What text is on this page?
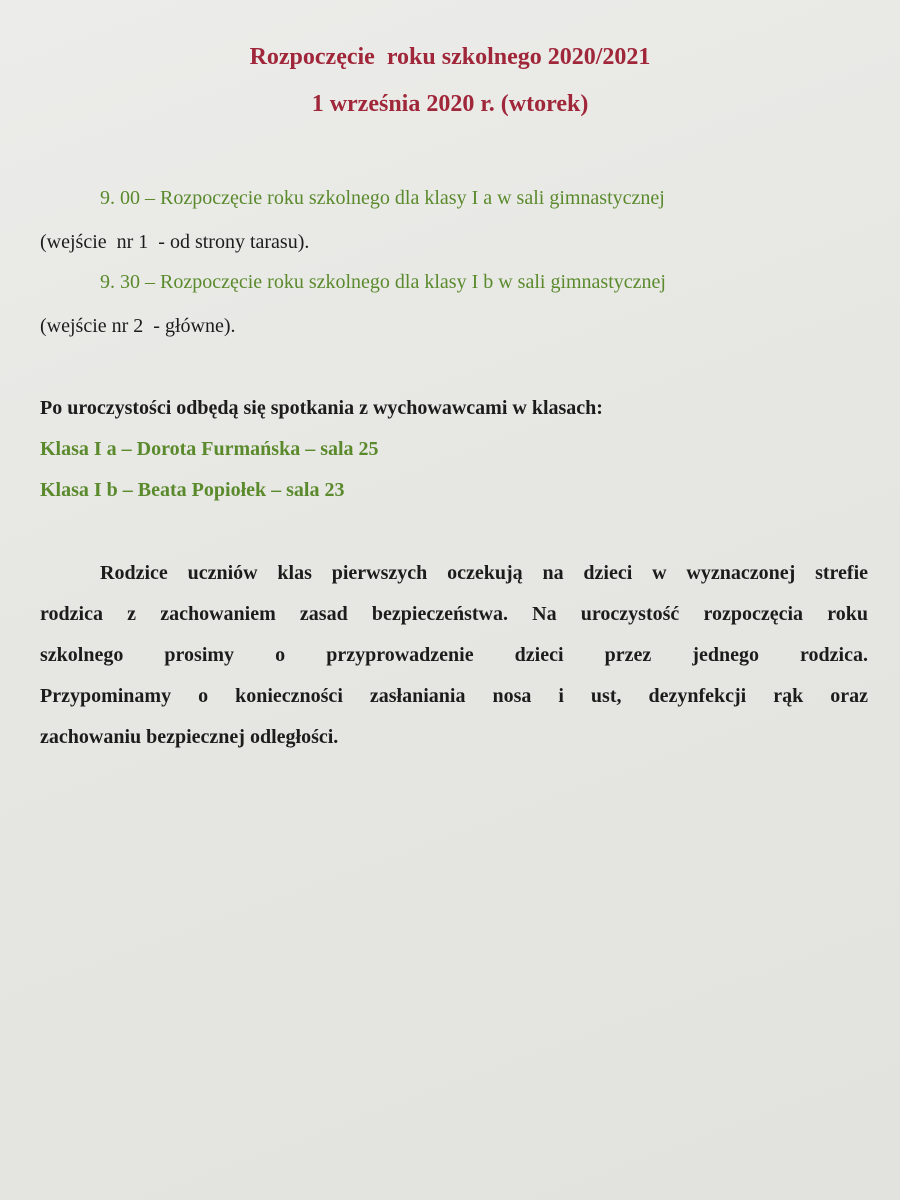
Rozpoczęcie  roku szkolnego 2020/2021
1 września 2020 r. (wtorek)

9. 00 – Rozpoczęcie roku szkolnego dla klasy I a w sali gimnastycznej

(wejście  nr 1  - od strony tarasu).

9. 30 – Rozpoczęcie roku szkolnego dla klasy I b w sali gimnastycznej

(wejście nr 2  - główne).

Po uroczystości odbędą się spotkania z wychowawcami w klasach:

Klasa I a – Dorota Furmańska – sala 25

Klasa I b – Beata Popiołek – sala 23

Rodzice uczniów klas pierwszych oczekują na dzieci w wyznaczonej strefie
rodzica z zachowaniem zasad bezpieczeństwa. Na uroczystość rozpoczęcia roku
szkolnego prosimy o przyprowadzenie dzieci przez jednego rodzica.
Przypominamy o konieczności zasłaniania nosa i ust, dezynfekcji rąk oraz
zachowaniu bezpiecznej odległości.
